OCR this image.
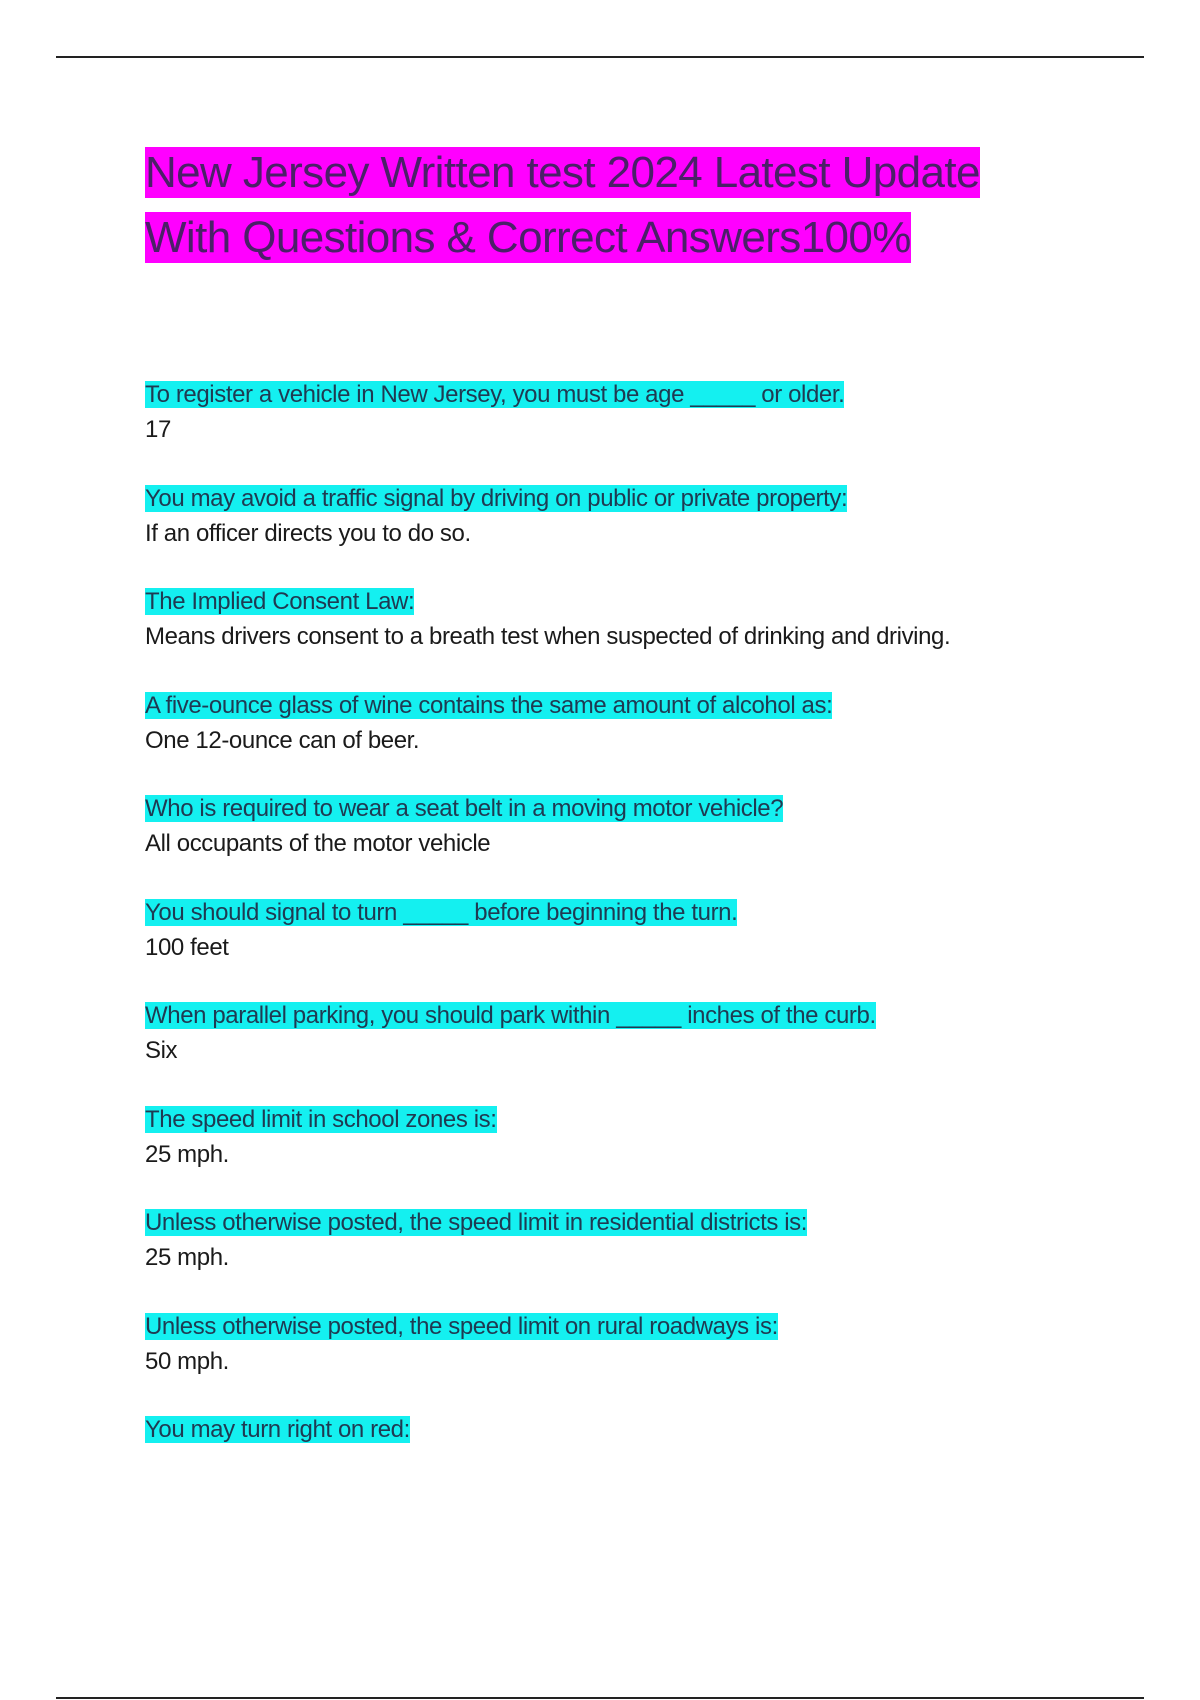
New Jersey Written test 2024 Latest Update With Questions & Correct Answers100%
To register a vehicle in New Jersey, you must be age _____ or older.
17
You may avoid a traffic signal by driving on public or private property:
If an officer directs you to do so.
The Implied Consent Law:
Means drivers consent to a breath test when suspected of drinking and driving.
A five-ounce glass of wine contains the same amount of alcohol as:
One 12-ounce can of beer.
Who is required to wear a seat belt in a moving motor vehicle?
All occupants of the motor vehicle
You should signal to turn _____ before beginning the turn.
100 feet
When parallel parking, you should park within _____ inches of the curb.
Six
The speed limit in school zones is:
25 mph.
Unless otherwise posted, the speed limit in residential districts is:
25 mph.
Unless otherwise posted, the speed limit on rural roadways is:
50 mph.
You may turn right on red:
